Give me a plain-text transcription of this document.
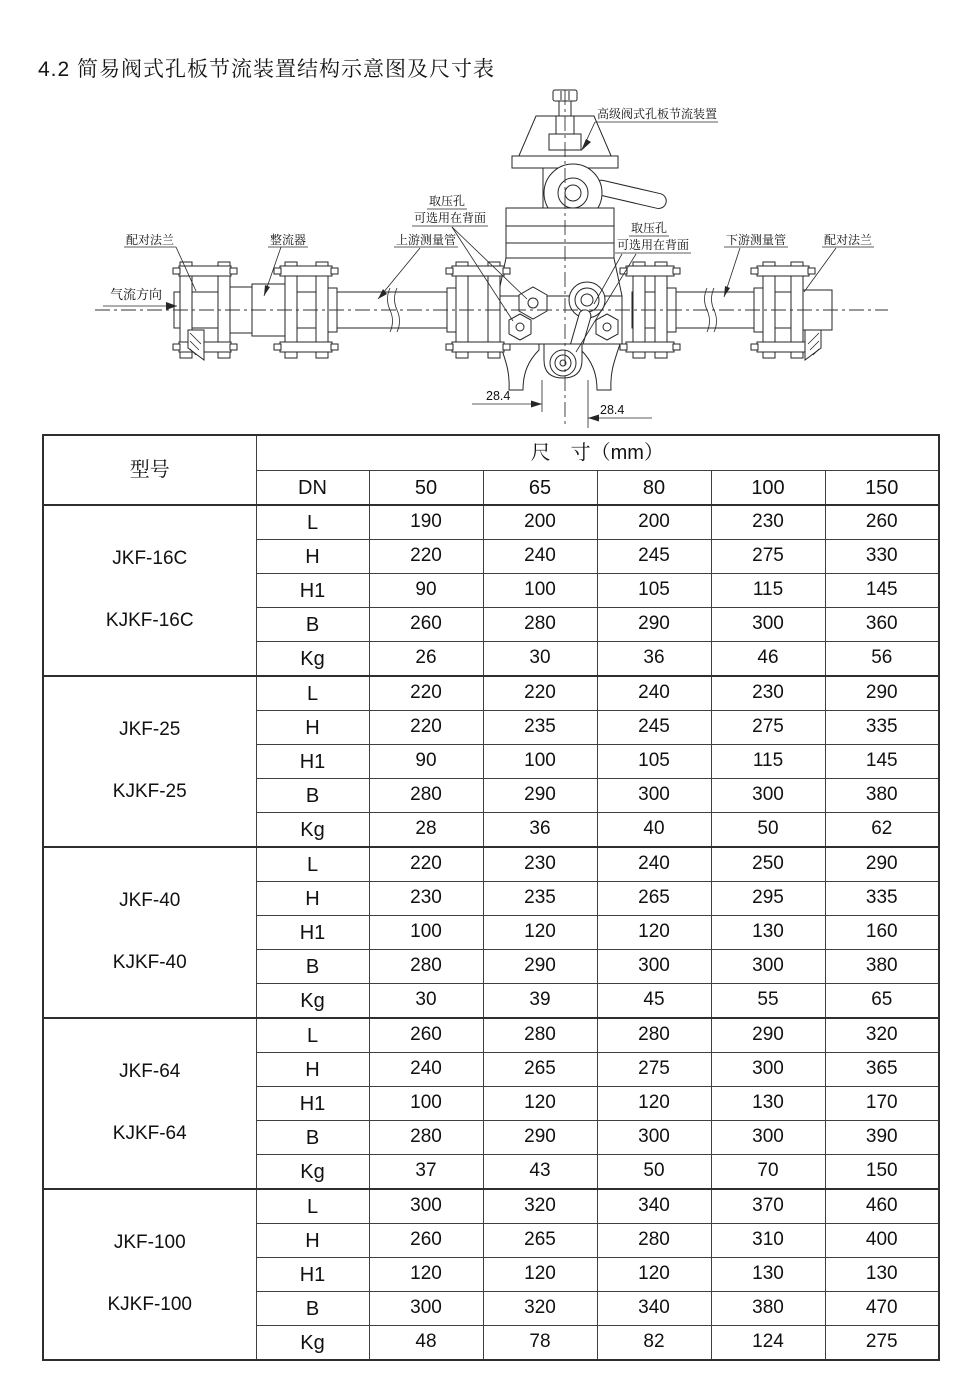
4.2 简易阀式孔板节流装置结构示意图及尺寸表
28.4
28.4
气流方向
配对法兰	整流器	上游测量管
取压孔
可选用在背面
高级阀式孔板节流装置
取压孔
可选用在背面	下游测量管	配对法兰
型号	尺　寸（mm）					
	DN	50	65	80	100	150

JKF-16C
KJKF-16C	L	190	200	200	230	260
	H	220	240	245	275	330
	H1	90	100	105	115	145
	B	260	280	290	300	360
	Kg	26	30	36	46	56

JKF-25
KJKF-25	L	220	220	240	230	290
	H	220	235	245	275	335
	H1	90	100	105	115	145
	B	280	290	300	300	380
	Kg	28	36	40	50	62

JKF-40
KJKF-40	L	220	230	240	250	290
	H	230	235	265	295	335
	H1	100	120	120	130	160
	B	280	290	300	300	380
	Kg	30	39	45	55	65

JKF-64
KJKF-64	L	260	280	280	290	320
	H	240	265	275	300	365
	H1	100	120	120	130	170
	B	280	290	300	300	390
	Kg	37	43	50	70	150

JKF-100
KJKF-100	L	300	320	340	370	460
	H	260	265	280	310	400
	H1	120	120	120	130	130
	B	300	320	340	380	470
	Kg	48	78	82	124	275
